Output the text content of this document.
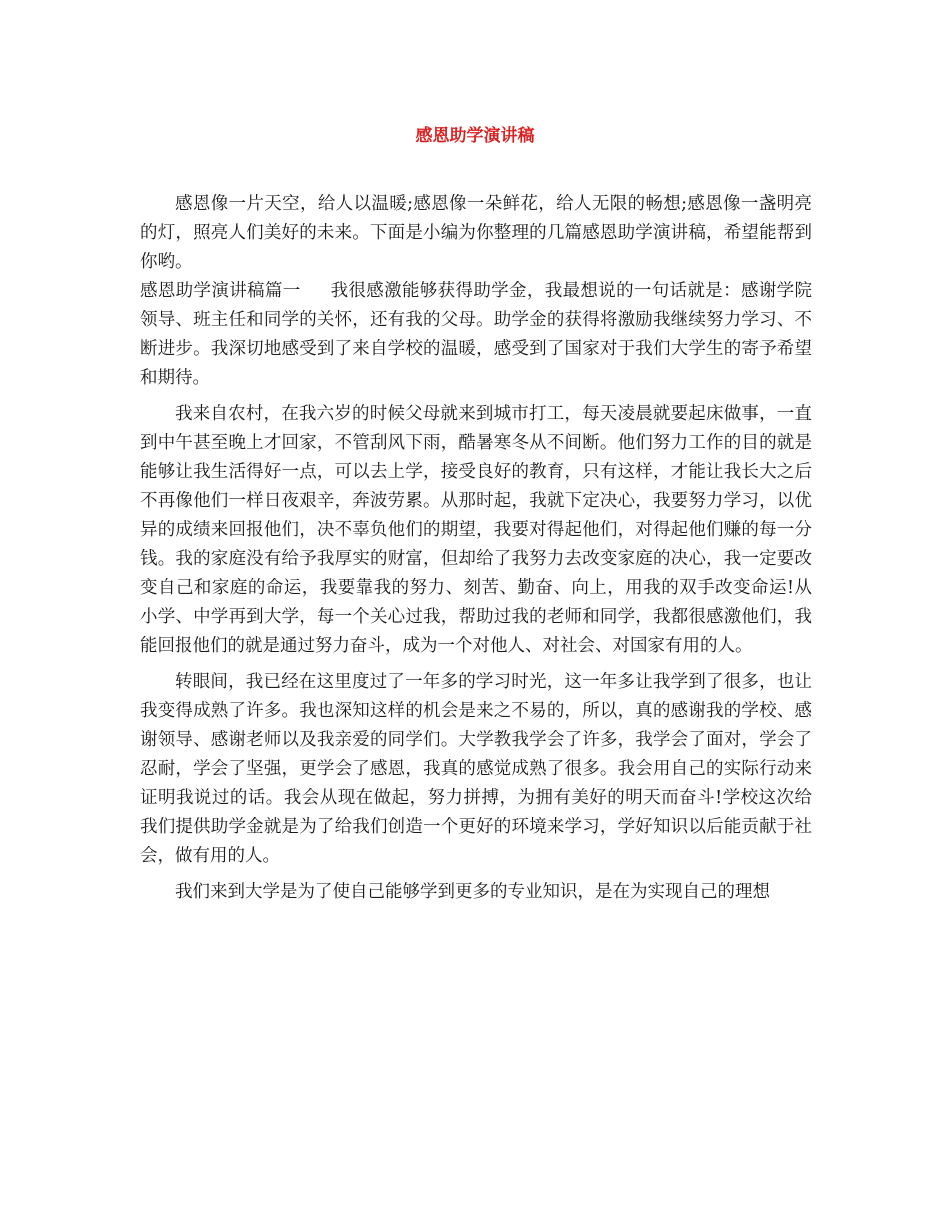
感恩助学演讲稿

感恩像一片天空，给人以温暖;感恩像一朵鲜花，给人无限的畅想;感恩像一盏明亮的灯，照亮人们美好的未来。下面是小编为你整理的几篇感恩助学演讲稿，希望能帮到你哟。

感恩助学演讲稿篇一 我很感激能够获得助学金，我最想说的一句话就是：感谢学院领导、班主任和同学的关怀，还有我的父母。助学金的获得将激励我继续努力学习、不断进步。我深切地感受到了来自学校的温暖，感受到了国家对于我们大学生的寄予希望和期待。

我来自农村，在我六岁的时候父母就来到城市打工，每天凌晨就要起床做事，一直到中午甚至晚上才回家，不管刮风下雨，酷暑寒冬从不间断。他们努力工作的目的就是能够让我生活得好一点，可以去上学，接受良好的教育，只有这样，才能让我长大之后不再像他们一样日夜艰辛，奔波劳累。从那时起，我就下定决心，我要努力学习，以优异的成绩来回报他们，决不辜负他们的期望，我要对得起他们，对得起他们赚的每一分钱。我的家庭没有给予我厚实的财富，但却给了我努力去改变家庭的决心，我一定要改变自己和家庭的命运，我要靠我的努力、刻苦、勤奋、向上，用我的双手改变命运!从小学、中学再到大学，每一个关心过我，帮助过我的老师和同学，我都很感激他们，我能回报他们的就是通过努力奋斗，成为一个对他人、对社会、对国家有用的人。

转眼间，我已经在这里度过了一年多的学习时光，这一年多让我学到了很多，也让我变得成熟了许多。我也深知这样的机会是来之不易的，所以，真的感谢我的学校、感谢领导、感谢老师以及我亲爱的同学们。大学教我学会了许多，我学会了面对，学会了忍耐，学会了坚强，更学会了感恩，我真的感觉成熟了很多。我会用自己的实际行动来证明我说过的话。我会从现在做起，努力拼搏，为拥有美好的明天而奋斗!学校这次给我们提供助学金就是为了给我们创造一个更好的环境来学习，学好知识以后能贡献于社会，做有用的人。

我们来到大学是为了使自己能够学到更多的专业知识，是在为实现自己的理想
